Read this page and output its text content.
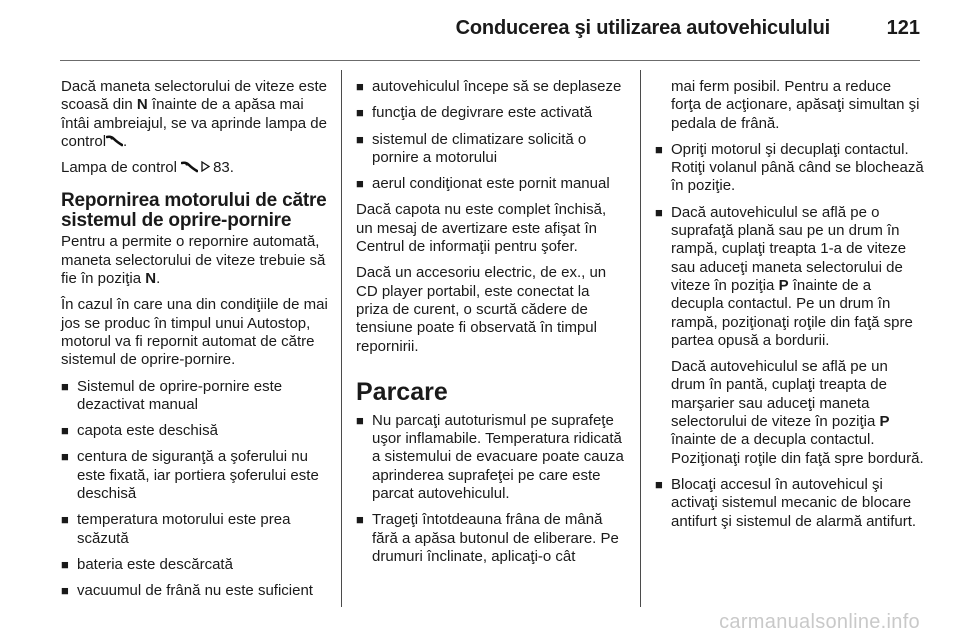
Conducerea şi utilizarea autovehiculului	121

Dacă maneta selectorului de viteze este scoasă din N înainte de a apăsa mai întâi ambreiajul, se va aprinde lampa de control .

Lampa de control 83.

Repornirea motorului de către sistemul de oprire-pornire

Pentru a permite o repornire automată, maneta selectorului de viteze trebuie să fie în poziţia N.

În cazul în care una din condiţiile de mai jos se produc în timpul unui Autostop, motorul va fi repornit automat de către sistemul de oprire-pornire.

■ Sistemul de oprire-pornire este dezactivat manual
■ capota este deschisă
■ centura de siguranţă a şoferului nu este fixată, iar portiera şoferului este deschisă
■ temperatura motorului este prea scăzută
■ bateria este descărcată
■ vacuumul de frână nu este suficient
■ autovehiculul începe să se deplaseze
■ funcţia de degivrare este activată
■ sistemul de climatizare solicită o pornire a motorului
■ aerul condiţionat este pornit manual

Dacă capota nu este complet închisă, un mesaj de avertizare este afişat în Centrul de informaţii pentru şofer.

Dacă un accesoriu electric, de ex., un CD player portabil, este conectat la priza de curent, o scurtă cădere de tensiune poate fi observată în timpul repornirii.

Parcare
■ Nu parcaţi autoturismul pe suprafeţe uşor inflamabile. Temperatura ridicată a sistemului de evacuare poate cauza aprinderea suprafeţei pe care este parcat autovehiculul.
■ Trageţi întotdeauna frâna de mână fără a apăsa butonul de eliberare. Pe drumuri înclinate, aplicaţi-o cât
mai ferm posibil. Pentru a reduce forţa de acţionare, apăsaţi simultan şi pedala de frână.
■ Opriţi motorul şi decuplaţi contactul. Rotiţi volanul până când se blochează în poziţie.
■ Dacă autovehiculul se află pe o suprafaţă plană sau pe un drum în rampă, cuplaţi treapta 1-a de viteze sau aduceţi maneta selectorului de viteze în poziţia P înainte de a decupla contactul. Pe un drum în rampă, poziţionaţi roţile din faţă spre partea opusă a bordurii.
Dacă autovehiculul se află pe un drum în pantă, cuplaţi treapta de marşarier sau aduceţi maneta selectorului de viteze în poziţia P înainte de a decupla contactul. Poziţionaţi roţile din faţă spre bordură.
■ Blocaţi accesul în autovehicul şi activaţi sistemul mecanic de blocare antifurt şi sistemul de alarmă antifurt.
carmanualsonline.info
